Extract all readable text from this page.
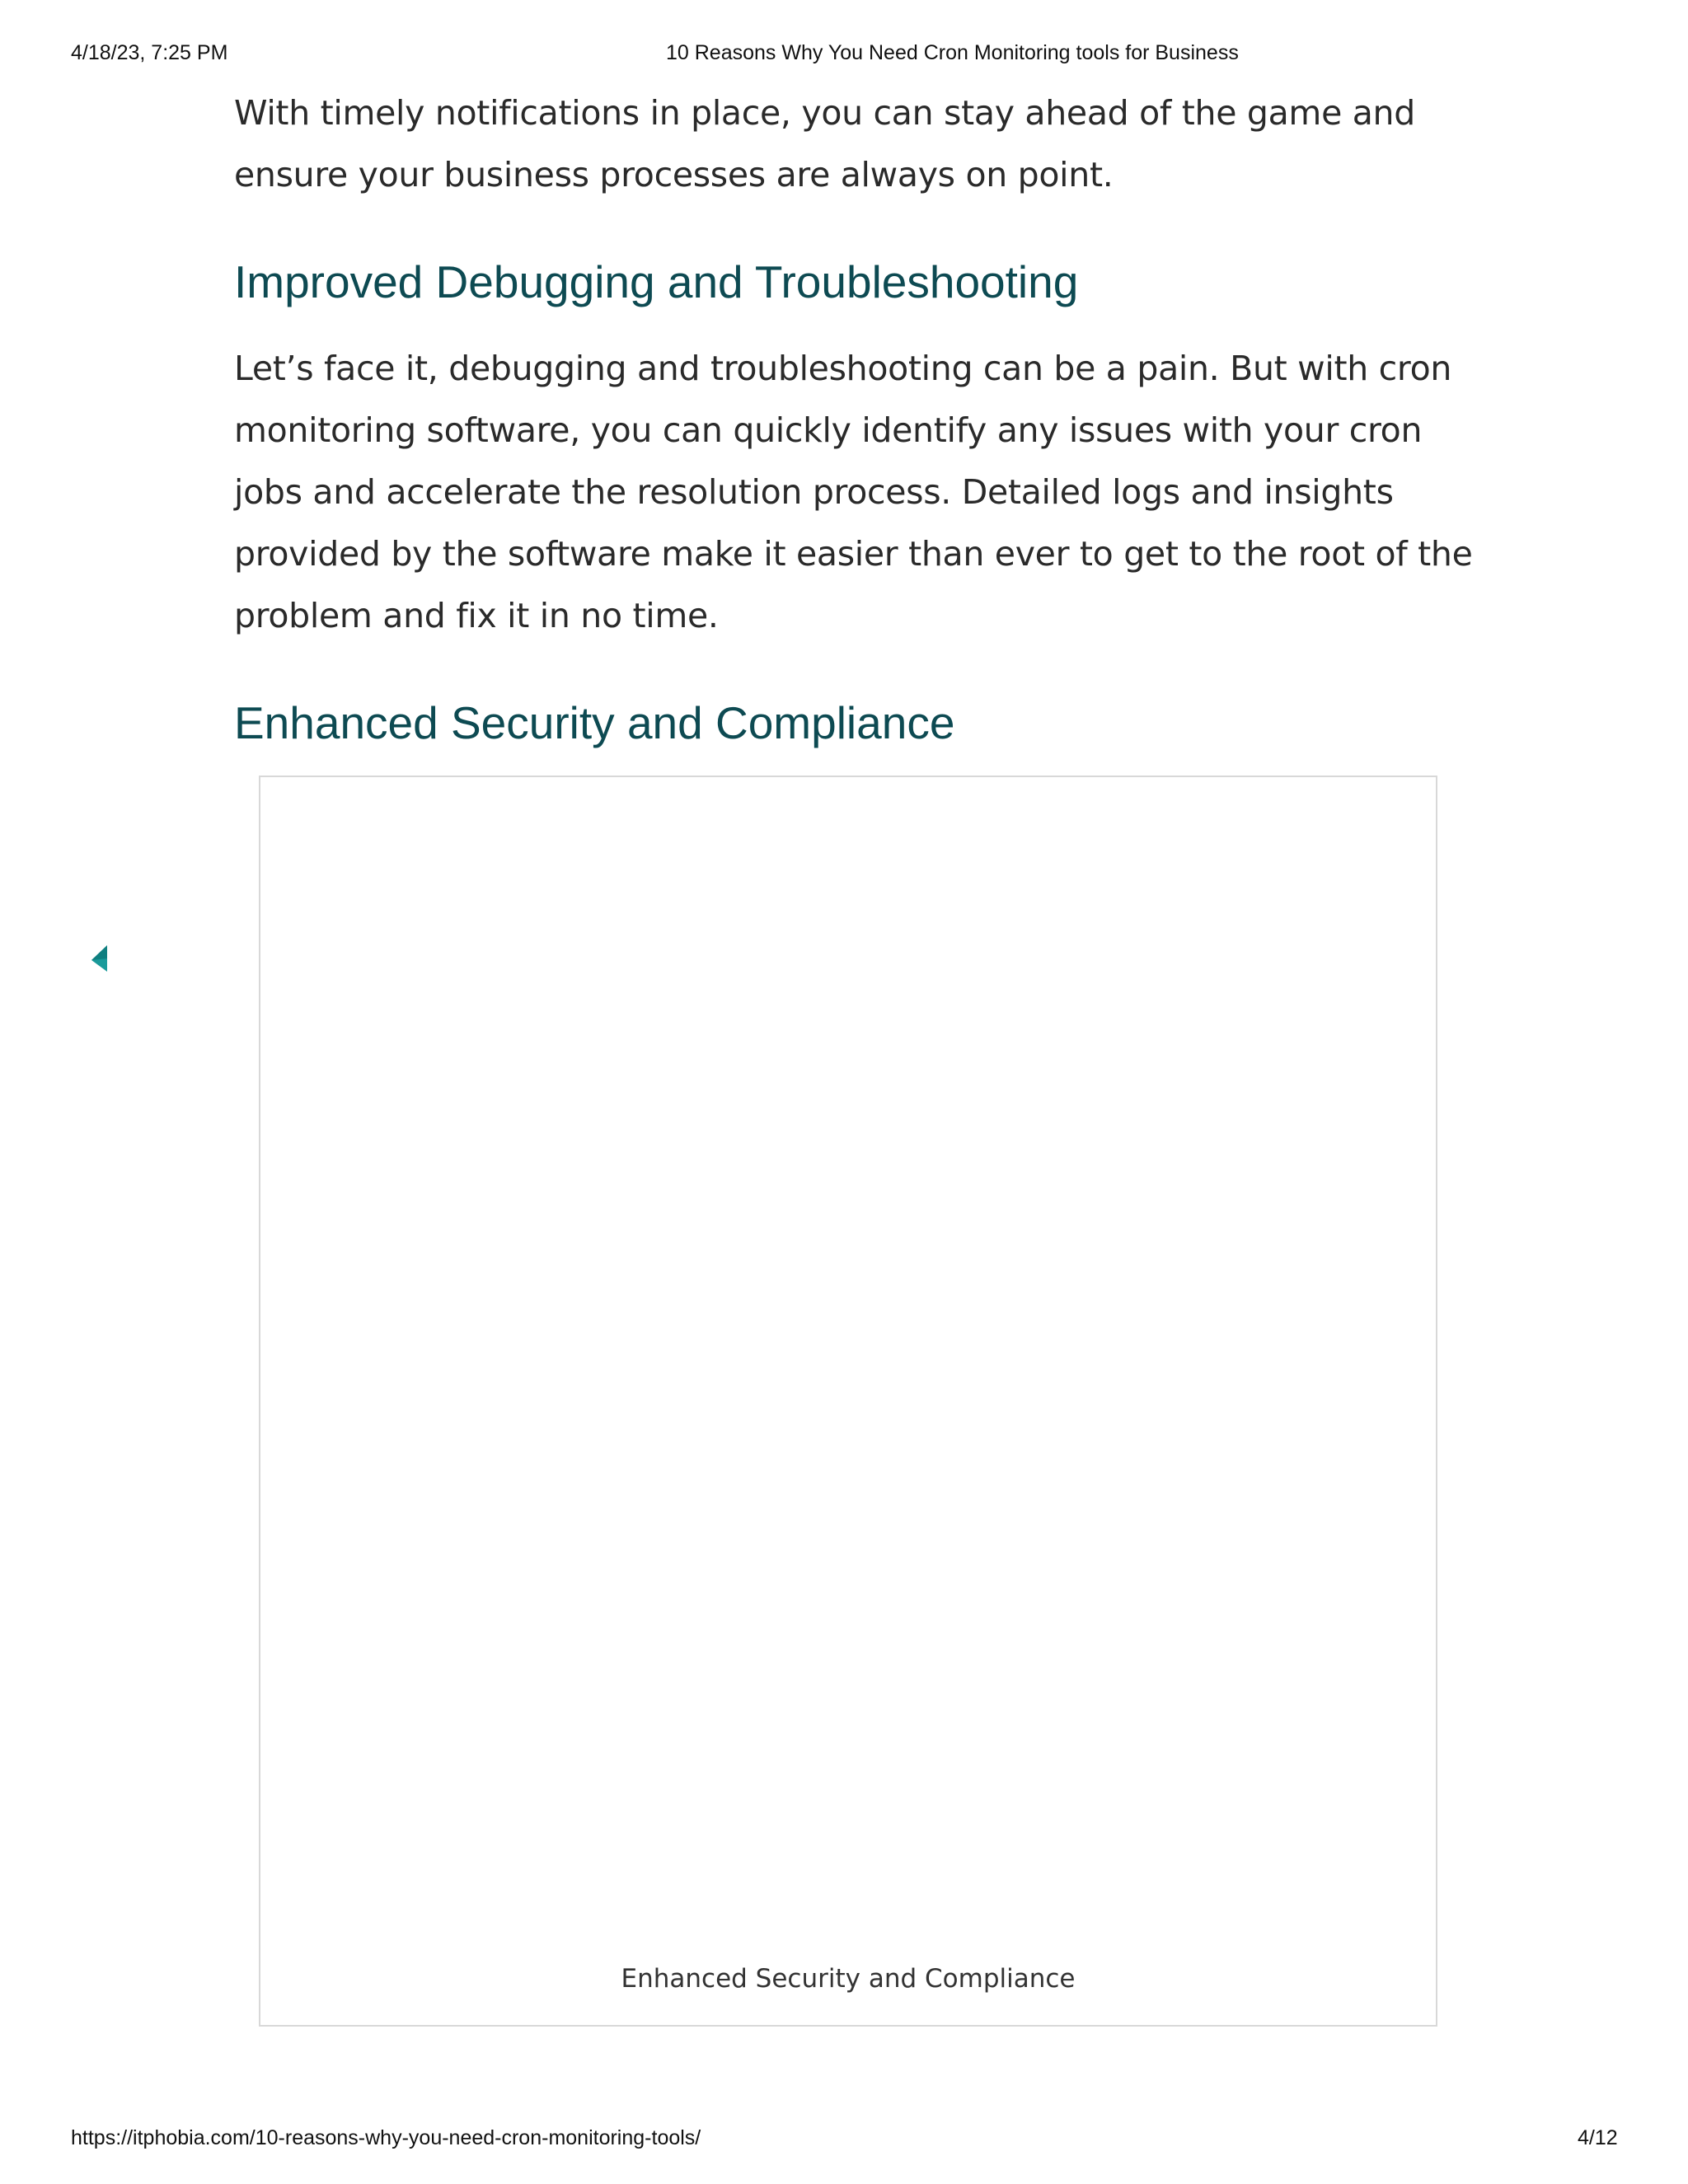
4/18/23, 7:25 PM	10 Reasons Why You Need Cron Monitoring tools for Business

With timely notifications in place, you can stay ahead of the game and
ensure your business processes are always on point.

Improved Debugging and Troubleshooting

Let’s face it, debugging and troubleshooting can be a pain. But with cron
monitoring software, you can quickly identify any issues with your cron
jobs and accelerate the resolution process. Detailed logs and insights
provided by the software make it easier than ever to get to the root of the
problem and fix it in no time.

Enhanced Security and Compliance
Enhanced Security and Compliance
https://itphobia.com/10-reasons-why-you-need-cron-monitoring-tools/	4/12
